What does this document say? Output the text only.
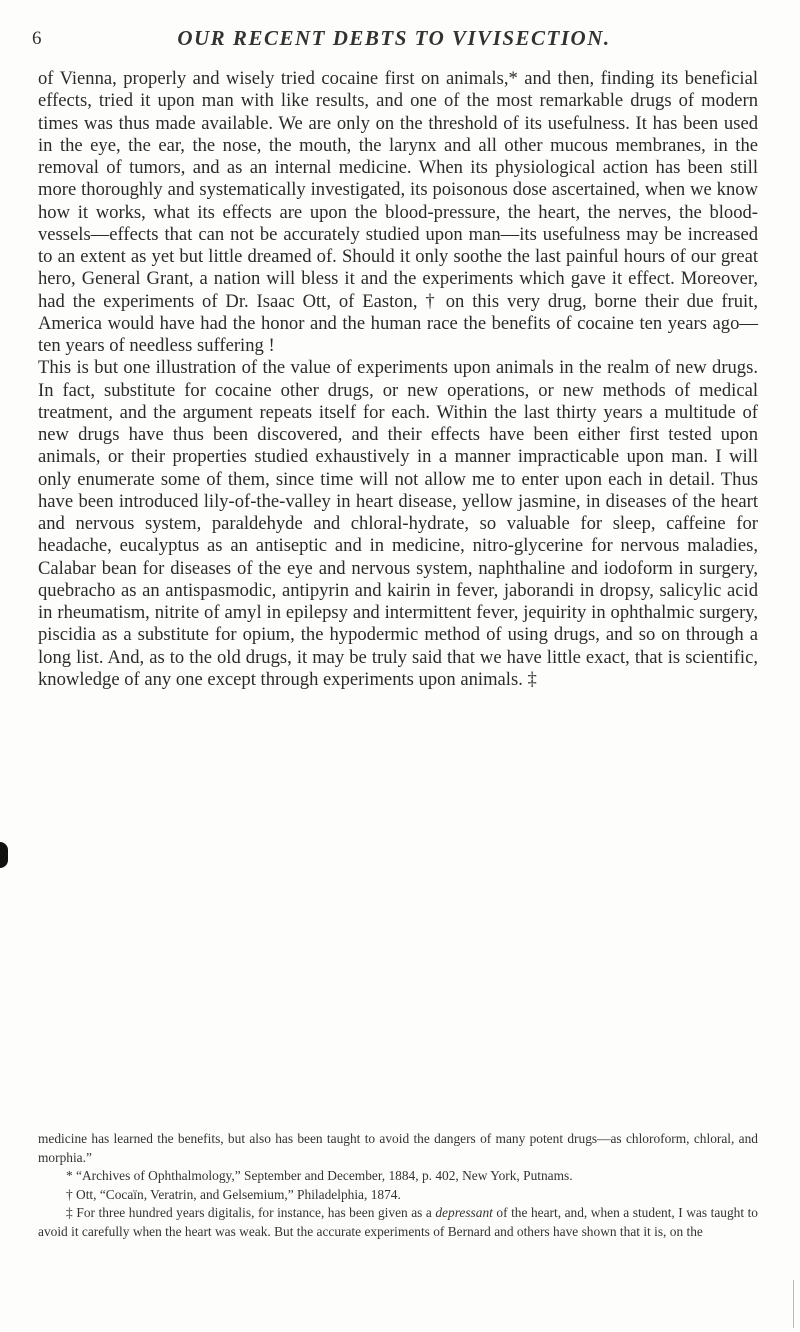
6	OUR RECENT DEBTS TO VIVISECTION.

of Vienna, properly and wisely tried cocaine first on animals,* and then, finding its beneficial effects, tried it upon man with like results, and one of the most remarkable drugs of modern times was thus made available. We are only on the threshold of its usefulness. It has been used in the eye, the ear, the nose, the mouth, the larynx and all other mucous membranes, in the removal of tumors, and as an internal medicine. When its physiological action has been still more thoroughly and systematically investigated, its poisonous dose ascertained, when we know how it works, what its effects are upon the blood-pressure, the heart, the nerves, the blood-vessels—effects that can not be accurately studied upon man—its usefulness may be increased to an extent as yet but little dreamed of. Should it only soothe the last painful hours of our great hero, General Grant, a nation will bless it and the experiments which gave it effect. Moreover, had the experiments of Dr. Isaac Ott, of Easton, † on this very drug, borne their due fruit, America would have had the honor and the human race the benefits of cocaine ten years ago—ten years of needless suffering !

This is but one illustration of the value of experiments upon animals in the realm of new drugs. In fact, substitute for cocaine other drugs, or new operations, or new methods of medical treatment, and the argument repeats itself for each. Within the last thirty years a multitude of new drugs have thus been discovered, and their effects have been either first tested upon animals, or their properties studied exhaustively in a manner impracticable upon man. I will only enumerate some of them, since time will not allow me to enter upon each in detail. Thus have been introduced lily-of-the-valley in heart disease, yellow jasmine, in diseases of the heart and nervous system, paraldehyde and chloral-hydrate, so valuable for sleep, caffeine for headache, eucalyptus as an antiseptic and in medicine, nitro-glycerine for nervous maladies, Calabar bean for diseases of the eye and nervous system, naphthaline and iodoform in surgery, quebracho as an antispasmodic, antipyrin and kairin in fever, jaborandi in dropsy, salicylic acid in rheumatism, nitrite of amyl in epilepsy and intermittent fever, jequirity in ophthalmic surgery, piscidia as a substitute for opium, the hypodermic method of using drugs, and so on through a long list. And, as to the old drugs, it may be truly said that we have little exact, that is scientific, knowledge of any one except through experiments upon animals. ‡

medicine has learned the benefits, but also has been taught to avoid the dangers of many potent drugs—as chloroform, chloral, and morphia.”

* “Archives of Ophthalmology,” September and December, 1884, p. 402, New York, Putnams.

† Ott, “Cocaïn, Veratrin, and Gelsemium,” Philadelphia, 1874.

‡ For three hundred years digitalis, for instance, has been given as a depressant of the heart, and, when a student, I was taught to avoid it carefully when the heart was weak. But the accurate experiments of Bernard and others have shown that it is, on the
